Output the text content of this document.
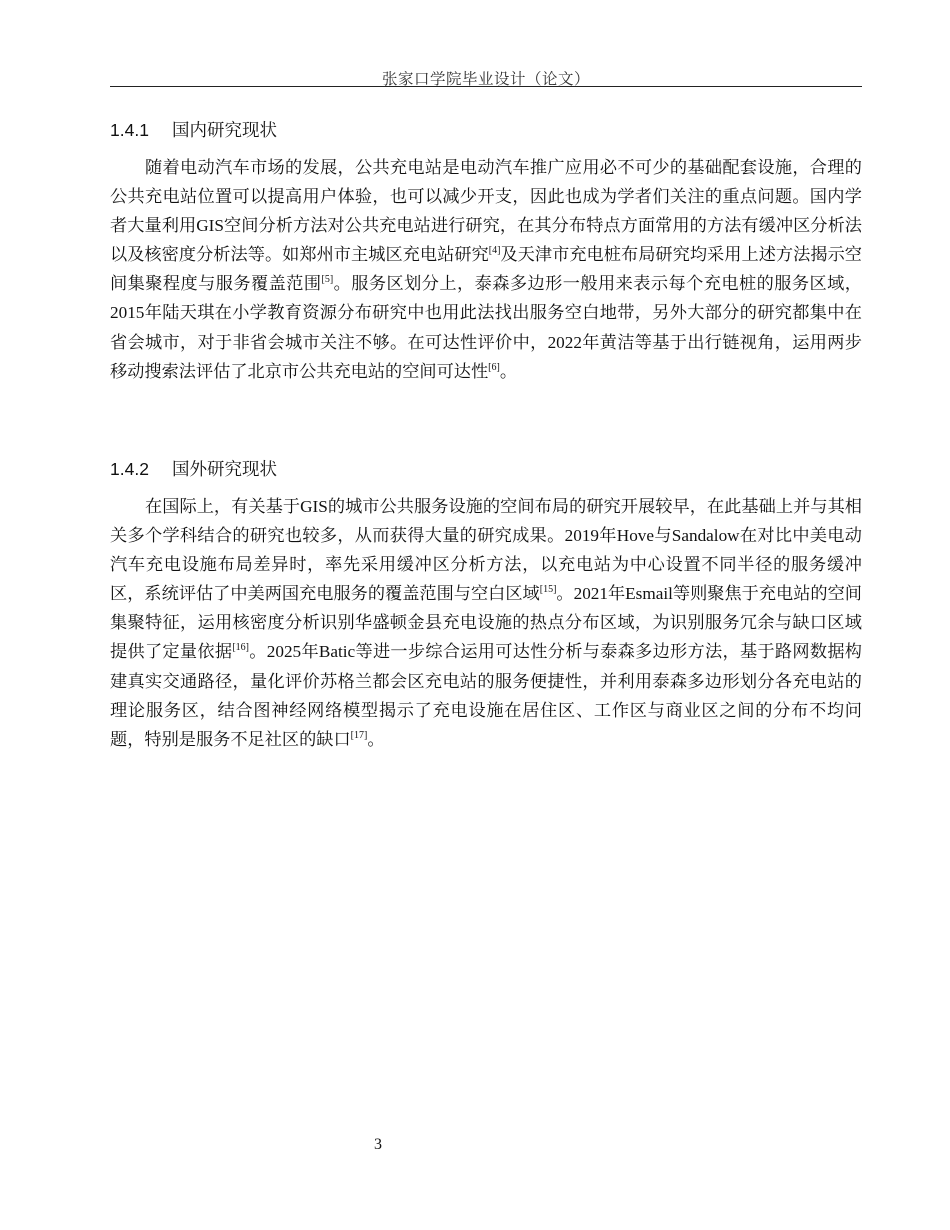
张家口学院毕业设计（论文）
1.4.1 国内研究现状

随着电动汽车市场的发展，公共充电站是电动汽车推广应用必不可少的基础配套设施，合理的公共充电站位置可以提高用户体验，也可以减少开支，因此也成为学者们关注的重点问题。国内学者大量利用GIS空间分析方法对公共充电站进行研究，在其分布特点方面常用的方法有缓冲区分析法以及核密度分析法等。如郑州市主城区充电站研究[4]及天津市充电桩布局研究均采用上述方法揭示空间集聚程度与服务覆盖范围[5]。服务区划分上，泰森多边形一般用来表示每个充电桩的服务区域，2015年陆天琪在小学教育资源分布研究中也用此法找出服务空白地带，另外大部分的研究都集中在省会城市，对于非省会城市关注不够。在可达性评价中，2022年黄洁等基于出行链视角，运用两步移动搜索法评估了北京市公共充电站的空间可达性[6]。

1.4.2 国外研究现状

在国际上，有关基于GIS的城市公共服务设施的空间布局的研究开展较早，在此基础上并与其相关多个学科结合的研究也较多，从而获得大量的研究成果。2019年Hove与Sandalow在对比中美电动汽车充电设施布局差异时，率先采用缓冲区分析方法，以充电站为中心设置不同半径的服务缓冲区，系统评估了中美两国充电服务的覆盖范围与空白区域[15]。2021年Esmail等则聚焦于充电站的空间集聚特征，运用核密度分析识别华盛顿金县充电设施的热点分布区域，为识别服务冗余与缺口区域提供了定量依据[16]。2025年Batic等进一步综合运用可达性分析与泰森多边形方法，基于路网数据构建真实交通路径，量化评价苏格兰都会区充电站的服务便捷性，并利用泰森多边形划分各充电站的理论服务区，结合图神经网络模型揭示了充电设施在居住区、工作区与商业区之间的分布不均问题，特别是服务不足社区的缺口[17]。

3
